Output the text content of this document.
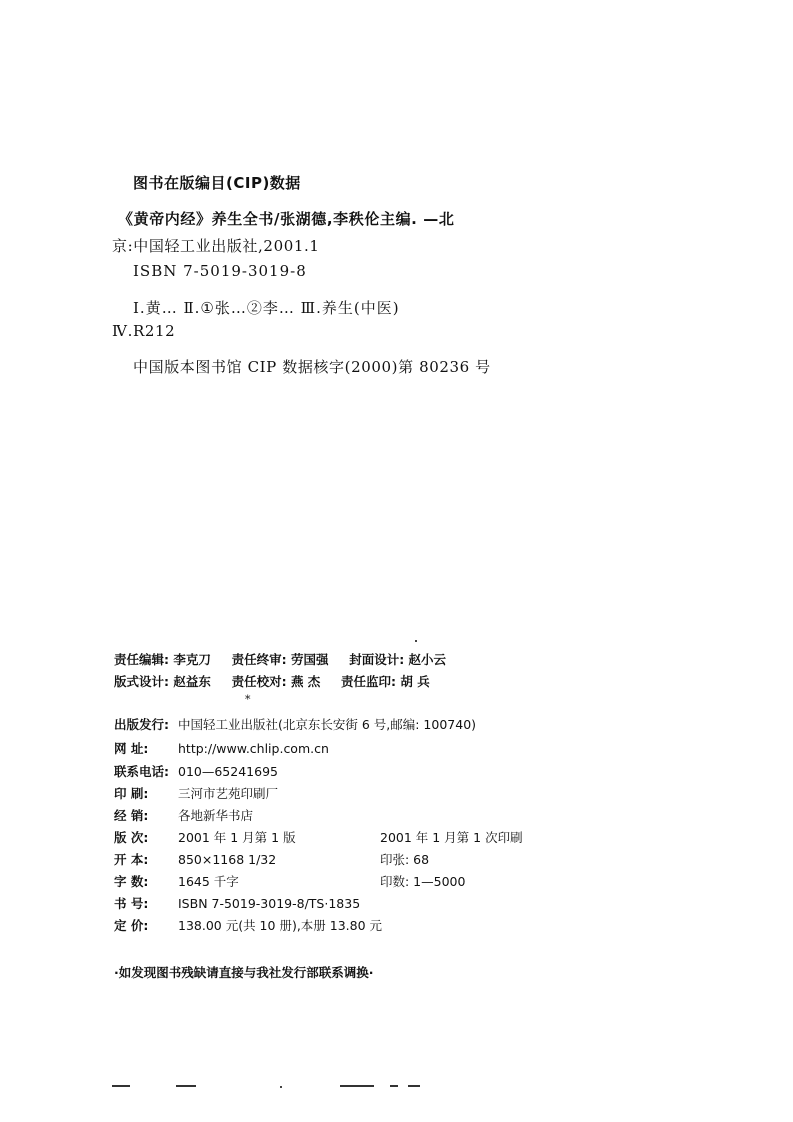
图书在版编目(CIP)数据
《黄帝内经》养生全书/张湖德,李秩伦主编. —北
京:中国轻工业出版社,2001.1
ISBN 7-5019-3019-8
Ⅰ.黄… Ⅱ.①张…②李… Ⅲ.养生(中医)
Ⅳ.R212
中国版本图书馆 CIP 数据核字(2000)第 80236 号
责任编辑: 李克刀 责任终审: 劳国强 封面设计: 赵小云
版式设计: 赵益东 责任校对: 燕 杰 责任监印: 胡 兵
*
出版发行: 中国轻工业出版社(北京东长安街 6 号,邮编: 100740)
网 址: http://www.chlip.com.cn
联系电话: 010—65241695
印 刷: 三河市艺苑印刷厂
经 销: 各地新华书店
版 次: 2001 年 1 月第 1 版	2001 年 1 月第 1 次印刷
开 本: 850×1168 1/32	印张: 68
字 数: 1645 千字	印数: 1—5000
书 号: ISBN 7-5019-3019-8/TS·1835
定 价: 138.00 元(共 10 册),本册 13.80 元
·如发现图书残缺请直接与我社发行部联系调换·
